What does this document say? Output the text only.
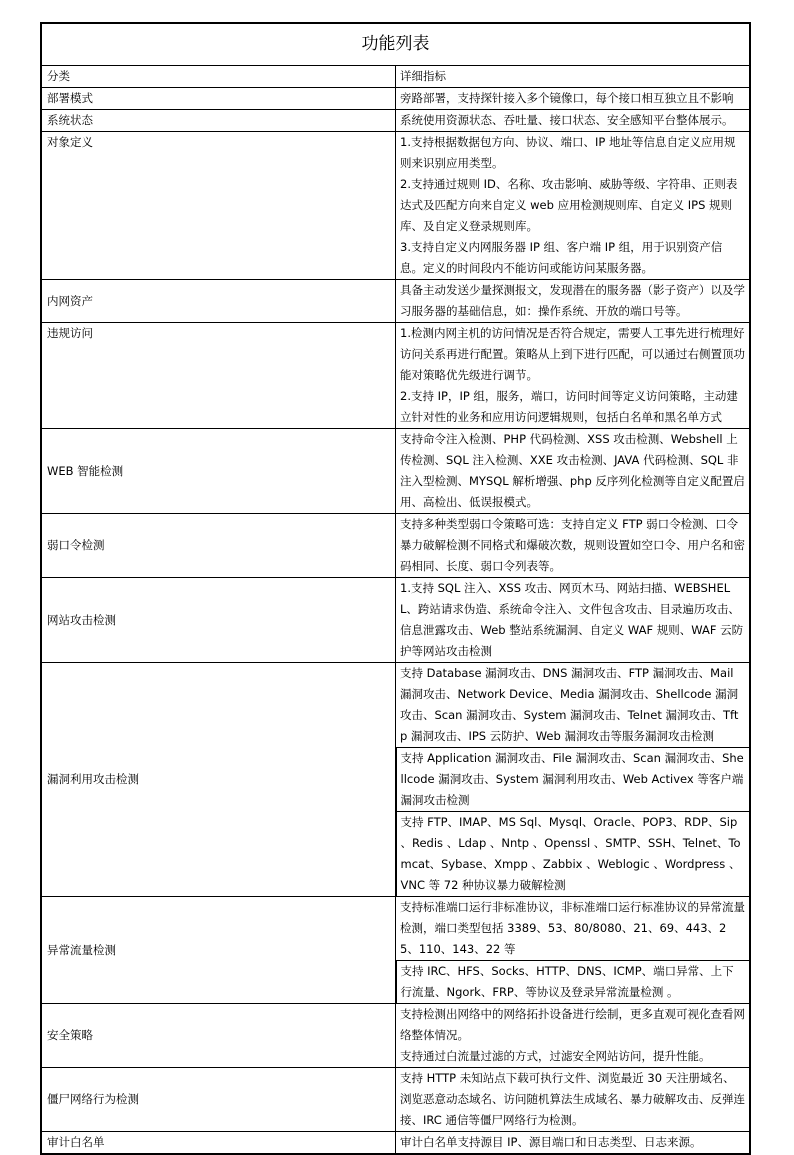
功能列表	
分类	详细指标
部署模式	旁路部署，支持探针接入多个镜像口，每个接口相互独立且不影响

系统状态	系统使用资源状态、吞吐量、接口状态、安全感知平台整体展示。

对象定义	1.支持根据数据包方向、协议、端口、IP 地址等信息自定义应用规则来识别应用类型。
2.支持通过规则 ID、名称、攻击影响、威胁等级、字符串、正则表达式及匹配方向来自定义 web 应用检测规则库、自定义 IPS 规则库、及自定义登录规则库。
3.支持自定义内网服务器 IP 组、客户端 IP 组，用于识别资产信息。定义的时间段内不能访问或能访问某服务器。

内网资产	具备主动发送少量探测报文，发现潜在的服务器（影子资产）以及学习服务器的基础信息，如：操作系统、开放的端口号等。

违规访问	1.检测内网主机的访问情况是否符合规定，需要人工事先进行梳理好访问关系再进行配置。策略从上到下进行匹配，可以通过右侧置顶功能对策略优先级进行调节。
2.支持 IP，IP 组，服务，端口，访问时间等定义访问策略，主动建立针对性的业务和应用访问逻辑规则，包括白名单和黑名单方式

WEB 智能检测	支持命令注入检测、PHP 代码检测、XSS 攻击检测、Webshell 上传检测、SQL 注入检测、XXE 攻击检测、JAVA 代码检测、SQL 非注入型检测、MYSQL 解析增强、php 反序列化检测等自定义配置启用、高检出、低误报模式。

弱口令检测	支持多种类型弱口令策略可选：支持自定义 FTP 弱口令检测、口令暴力破解检测不同格式和爆破次数，规则设置如空口令、用户名和密码相同、长度、弱口令列表等。

网站攻击检测	1.支持 SQL 注入、XSS 攻击、网页木马、网站扫描、WEBSHELL、跨站请求伪造、系统命令注入、文件包含攻击、目录遍历攻击、信息泄露攻击、Web 整站系统漏洞、自定义 WAF 规则、WAF 云防护等网站攻击检测

漏洞利用攻击检测	支持 Database 漏洞攻击、DNS 漏洞攻击、FTP 漏洞攻击、Mail 漏洞攻击、Network Device、Media 漏洞攻击、Shellcode 漏洞攻击、Scan 漏洞攻击、System 漏洞攻击、Telnet 漏洞攻击、Tftp 漏洞攻击、IPS 云防护、Web 漏洞攻击等服务漏洞攻击检测

	支持 Application 漏洞攻击、File 漏洞攻击、Scan 漏洞攻击、Shellcode 漏洞攻击、System 漏洞利用攻击、Web Activex 等客户端漏洞攻击检测

	支持 FTP、IMAP、MS Sql、Mysql、Oracle、POP3、RDP、Sip 、Redis 、Ldap 、Nntp 、Openssl 、SMTP、SSH、Telnet、Tomcat、Sybase、Xmpp 、Zabbix 、Weblogic 、Wordpress 、VNC 等 72 种协议暴力破解检测

异常流量检测	支持标准端口运行非标准协议，非标准端口运行标准协议的异常流量检测，端口类型包括 3389、53、80/8080、21、69、443、25、110、143、22 等

	支持 IRC、HFS、Socks、HTTP、DNS、ICMP、端口异常、上下行流量、Ngork、FRP、等协议及登录异常流量检测 。

安全策略	支持检测出网络中的网络拓扑设备进行绘制，更多直观可视化查看网络整体情况。
支持通过白流量过滤的方式，过滤安全网站访问，提升性能。

僵尸网络行为检测	支持 HTTP 未知站点下载可执行文件、浏览最近 30 天注册域名、浏览恶意动态域名、访问随机算法生成域名、暴力破解攻击、反弹连接、IRC 通信等僵尸网络行为检测。

审计白名单	审计白名单支持源目 IP、源目端口和日志类型、日志来源。
